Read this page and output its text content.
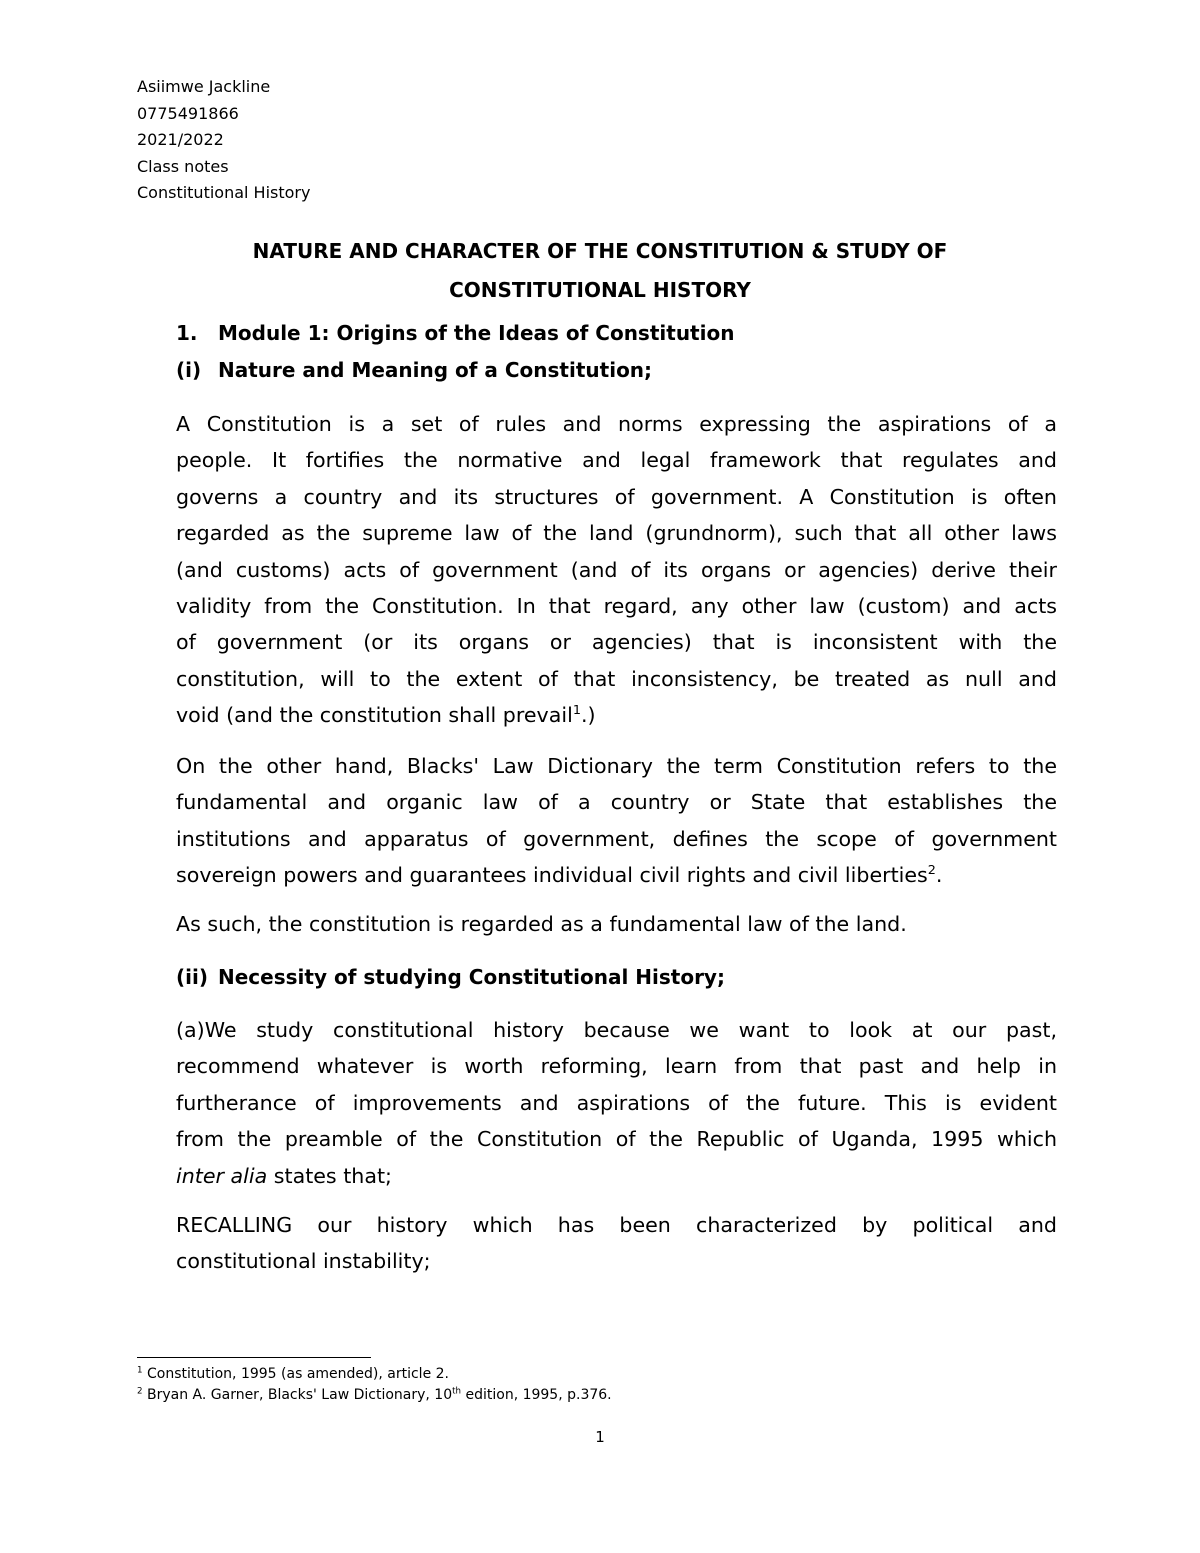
Asiimwe Jackline
0775491866
2021/2022
Class notes
Constitutional History
NATURE AND CHARACTER OF THE CONSTITUTION & STUDY OF
CONSTITUTIONAL HISTORY
1. Module 1: Origins of the Ideas of Constitution
(i) Nature and Meaning of a Constitution;
A Constitution is a set of rules and norms expressing the aspirations of a
people. It fortifies the normative and legal framework that regulates and
governs a country and its structures of government. A Constitution is often
regarded as the supreme law of the land (grundnorm), such that all other laws
(and customs) acts of government (and of its organs or agencies) derive their
validity from the Constitution. In that regard, any other law (custom) and acts
of government (or its organs or agencies) that is inconsistent with the
constitution, will to the extent of that inconsistency, be treated as null and
void (and the constitution shall prevail$^1$.)
On the other hand, Blacks' Law Dictionary the term Constitution refers to the
fundamental and organic law of a country or State that establishes the
institutions and apparatus of government, defines the scope of government
sovereign powers and guarantees individual civil rights and civil liberties$^2$.
As such, the constitution is regarded as a fundamental law of the land.
(ii) Necessity of studying Constitutional History;
(a)We study constitutional history because we want to look at our past,
recommend whatever is worth reforming, learn from that past and help in
furtherance of improvements and aspirations of the future. This is evident
from the preamble of the Constitution of the Republic of Uganda, 1995 which
inter alia states that;
RECALLING our history which has been characterized by political and
constitutional instability;
$^1$ Constitution, 1995 (as amended), article 2.
$^2$ Bryan A. Garner, Blacks' Law Dictionary, 10th edition, 1995, p.376.
1
